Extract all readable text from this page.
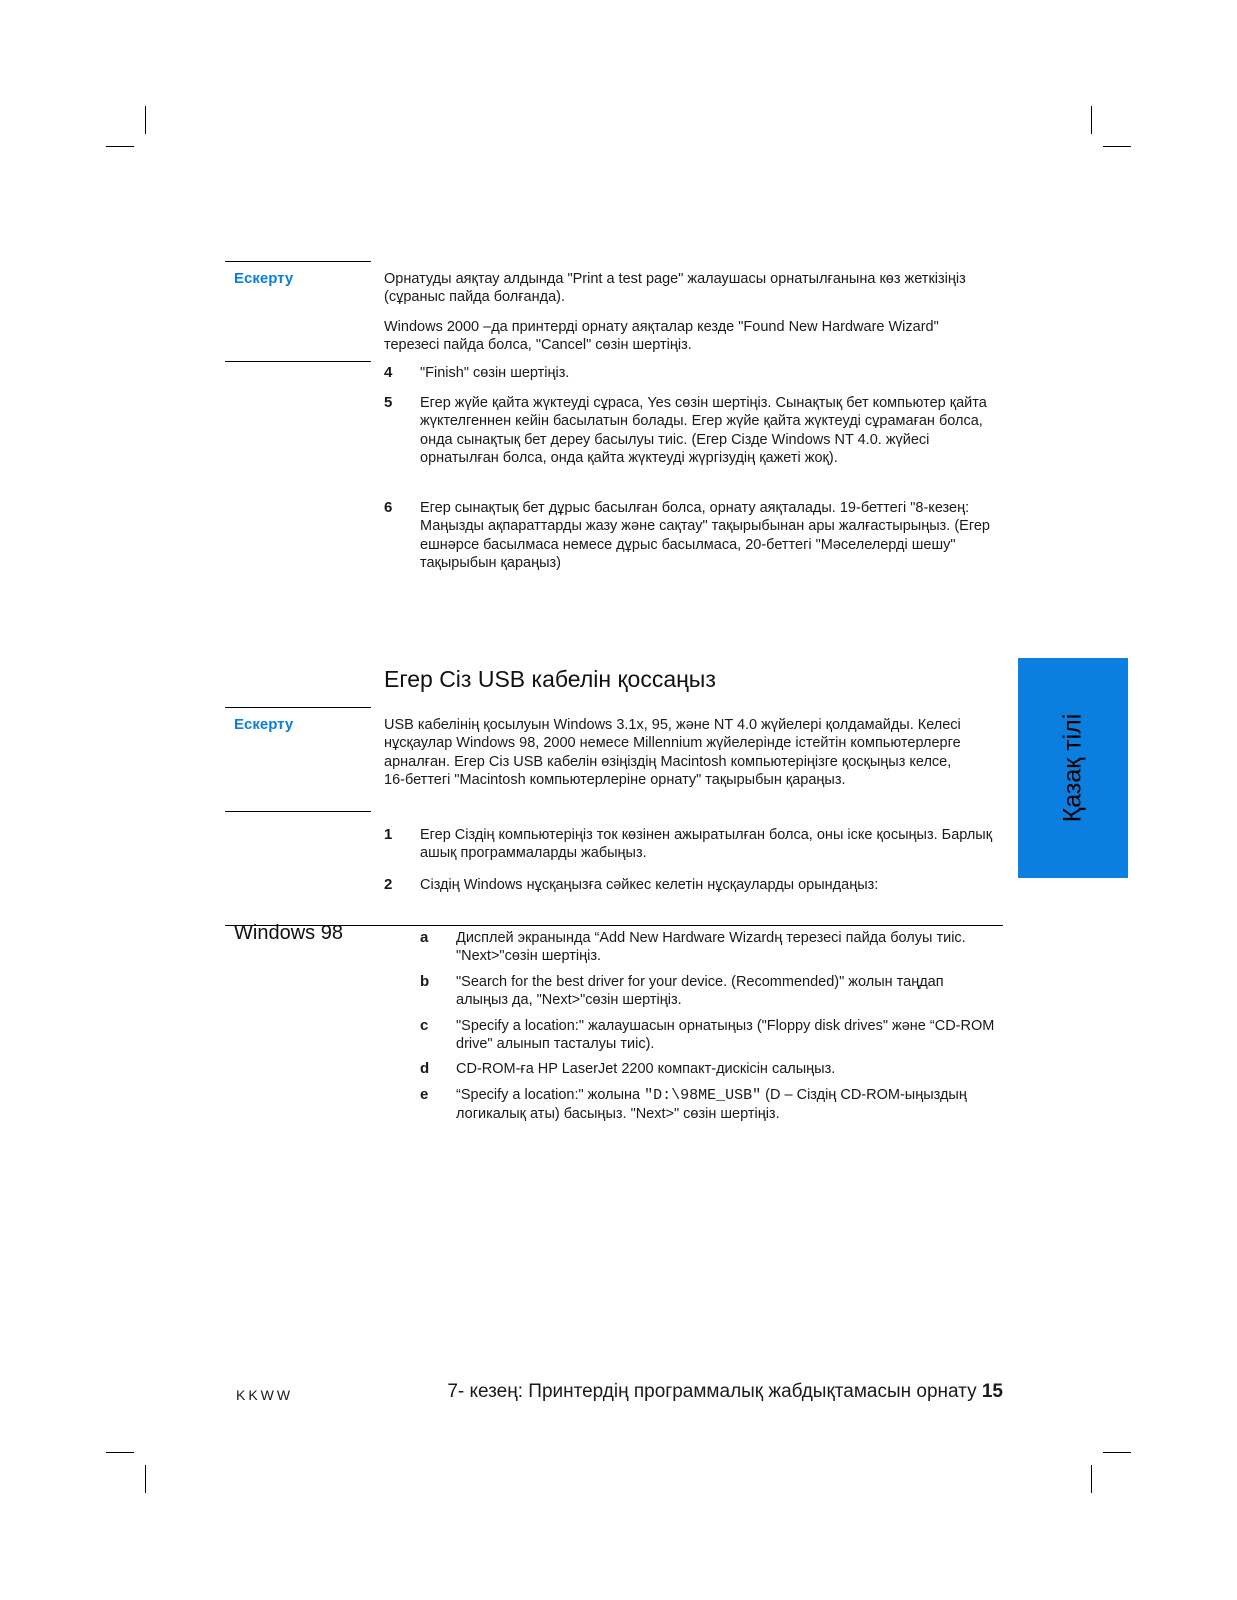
Ескерту	Орнатуды аяқтау алдында "Print a test page" жалаушасы орнатылғанына көз жеткізіңіз (сұраныс пайда болғанда).
Windows 2000 –да принтерді орнату аяқталар кезде "Found New Hardware Wizard" терезесі пайда болса, "Cancel" сөзін шертіңіз.
4 "Finish" сөзін шертіңіз.
5 Егер жүйе қайта жүктеуді сұраса, Yes сөзін шертіңіз. Сынақтық бет компьютер қайта жүктелгеннен кейін басылатын болады. Егер жүйе қайта жүктеуді сұрамаған болса, онда сынақтық бет дереу басылуы тиіс. (Егер Сізде Windows NT 4.0. жүйесі орнатылған болса, онда қайта жүктеуді жүргізудің қажеті жоқ).
6 Егер сынақтық бет дұрыс басылған болса, орнату аяқталады. 19-беттегі "8-кезең: Маңызды ақпараттарды жазу және сақтау" тақырыбынан ары жалғастырыңыз. (Егер ешнәрсе басылмаса немесе дұрыс басылмаса, 20-беттегі "Мәселелерді шешу" тақырыбын қараңыз)
Егер Сіз USB кабелін қоссаңыз
Ескерту	USB кабелінің қосылуын Windows 3.1x, 95, және NT 4.0 жүйелері қолдамайды. Келесі нұсқаулар Windows 98, 2000 немесе Millennium жүйелерінде істейтін компьютерлерге арналған. Егер Сіз USB кабелін өзіңіздің Macintosh компьютеріңізге қосқыңыз келсе, 16-беттегі "Macintosh компьютерлеріне орнату" тақырыбын қараңыз.
1 Егер Сіздің компьютеріңіз ток көзінен ажыратылған болса, оны іске қосыңыз. Барлық ашық программаларды жабыңыз.
2 Сіздің Windows нұсқаңызға сәйкес келетін нұсқауларды орындаңыз:
Windows 98	a Дисплей экранында “Add New Hardware Wizardң терезесі пайда болуы тиіс. "Next>"сөзін шертіңіз.
b "Search for the best driver for your device. (Recommended)" жолын таңдап алыңыз да, "Next>"сөзін шертіңіз.
c "Specify a location:" жалаушасын орнатыңыз ("Floppy disk drives" және “CD-ROM drive" алынып тасталуы тиіс).
d CD-ROM-ға HP LaserJet 2200 компакт-дискісін салыңыз.
e “Specify a location:" жолына "D:\98ME_USB" (D – Сіздің CD-ROM-ыңыздың логикалық аты) басыңыз. "Next>" сөзін шертіңіз.
Қазақ тілі
KKWW	7- кезең: Принтердің программалық жабдықтамасын орнату 15
